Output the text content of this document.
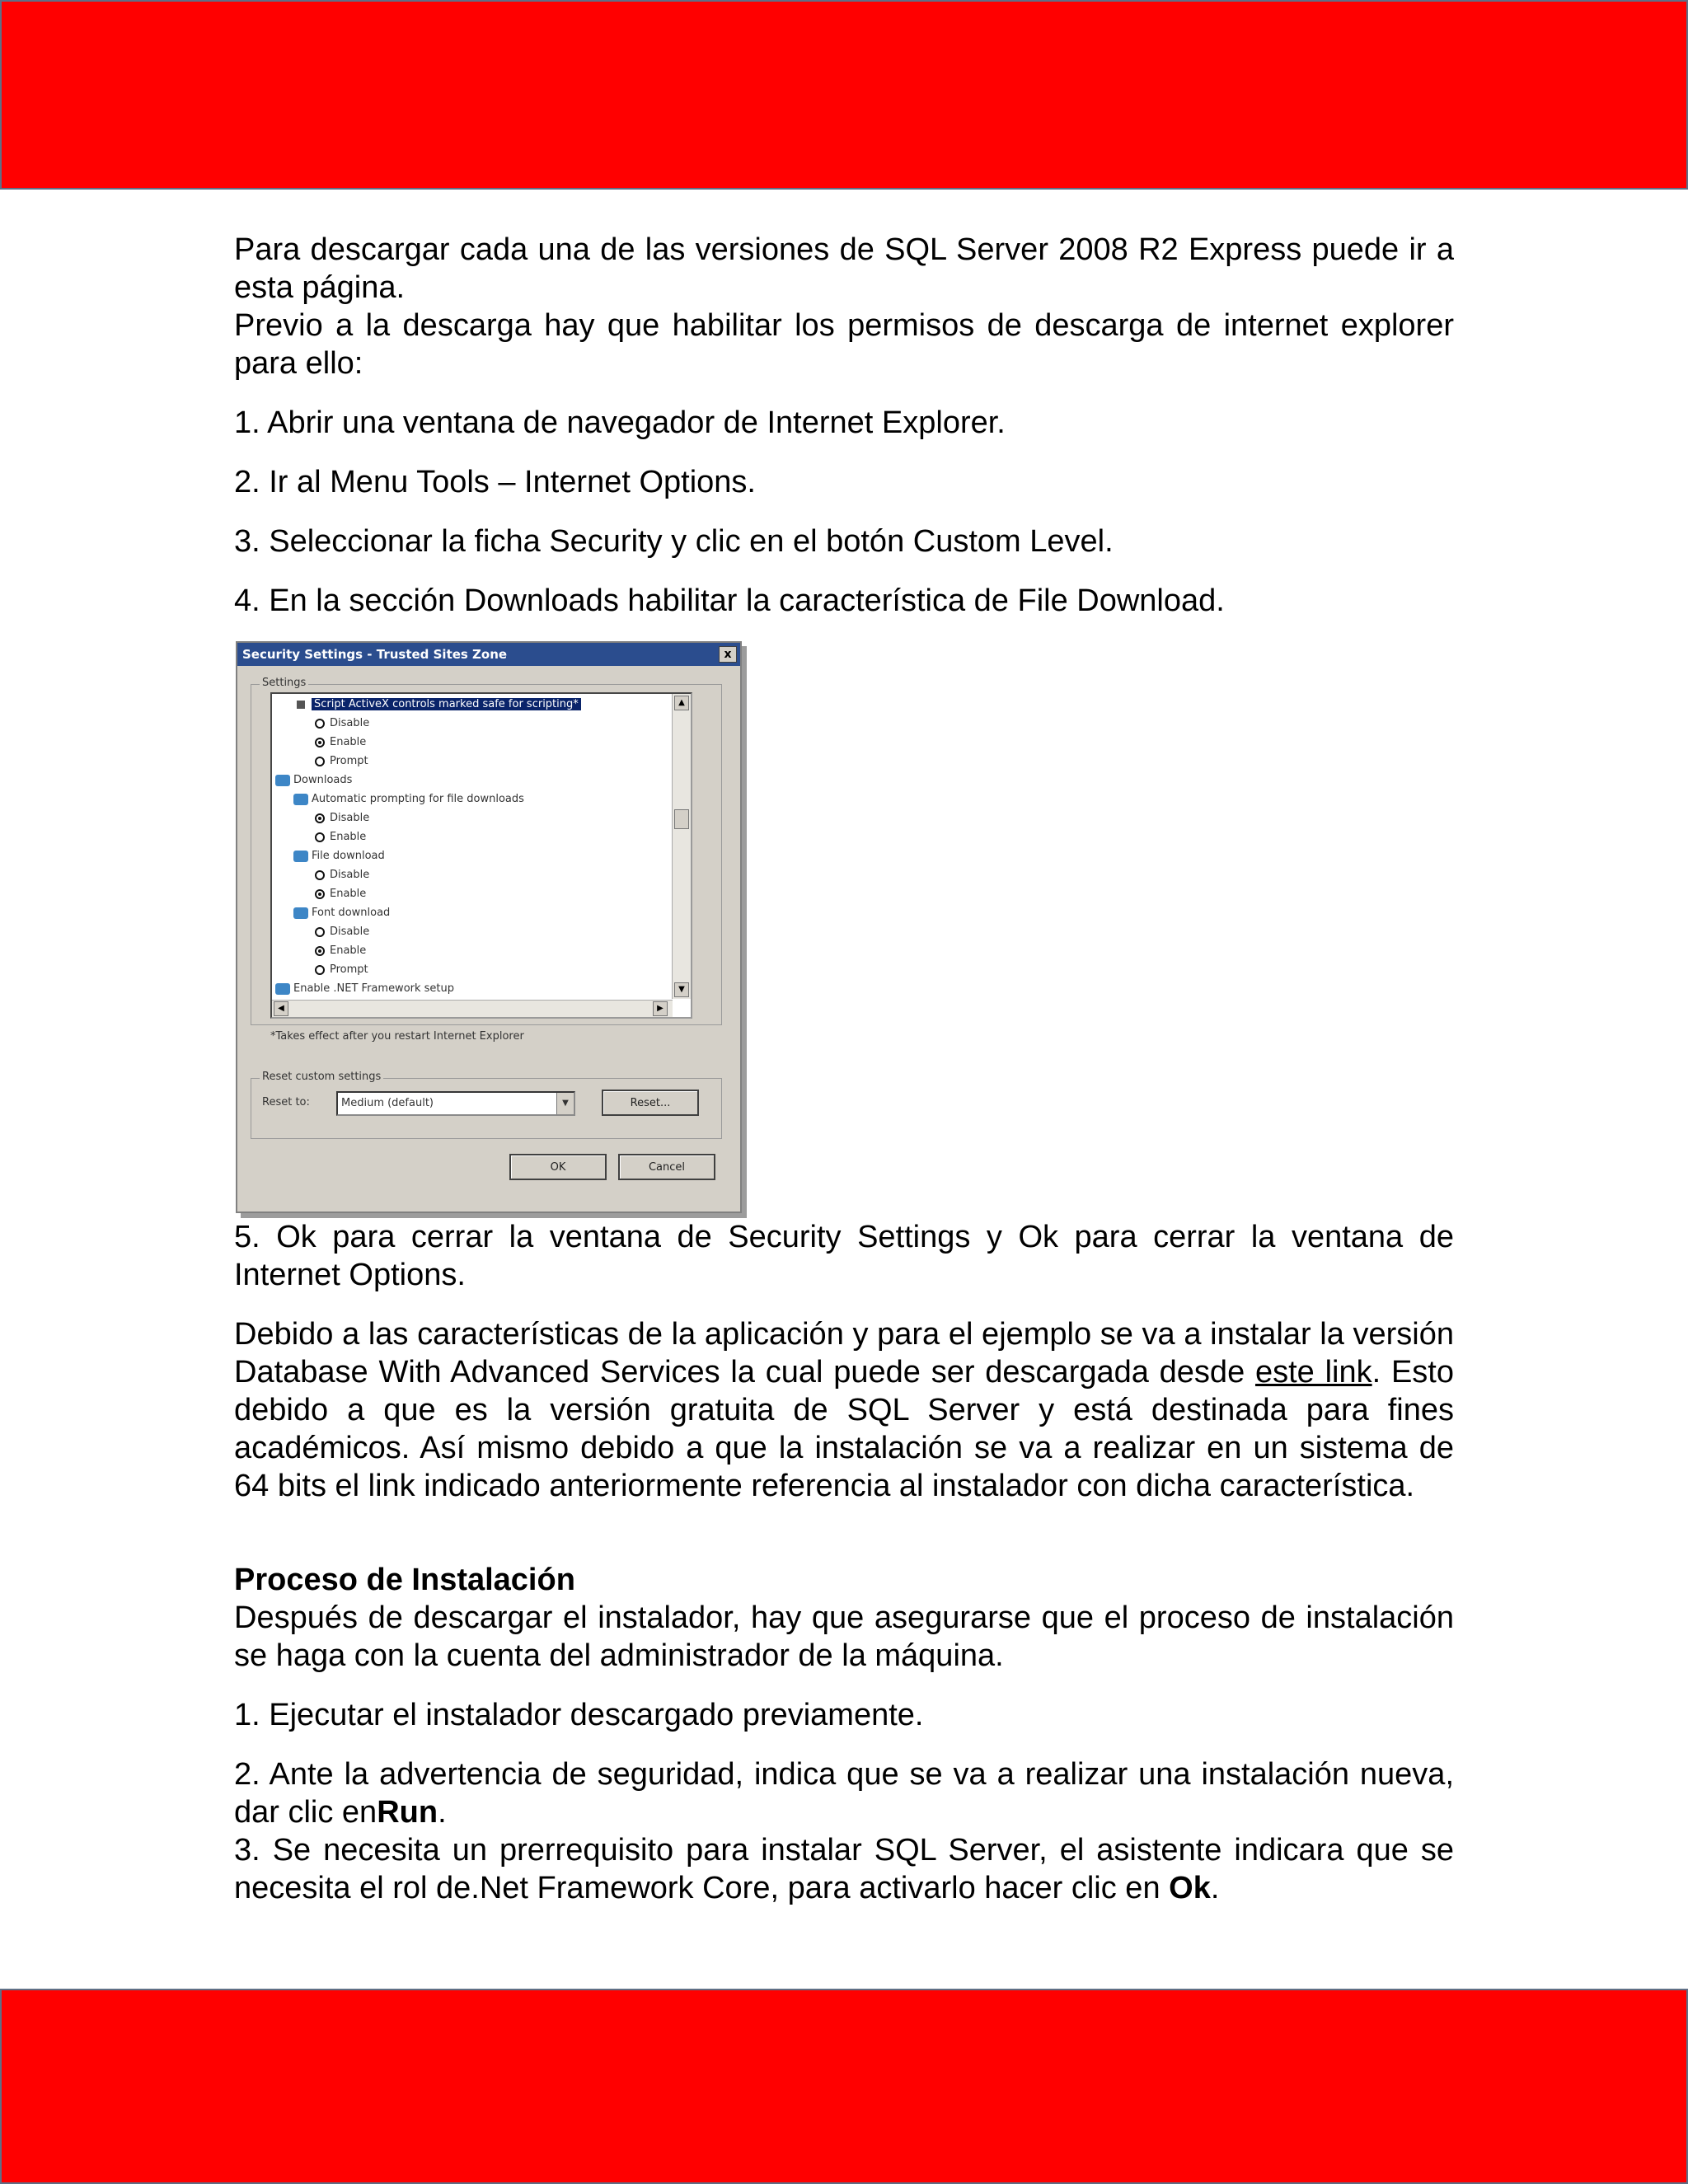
Para descargar cada una de las versiones de SQL Server 2008 R2 Express puede ir a esta página.

Previo a la descarga hay que habilitar los permisos de descarga de internet explorer para ello:

1. Abrir una ventana de navegador de Internet Explorer.

2. Ir al Menu Tools – Internet Options.

3. Seleccionar la ficha Security y clic en el botón Custom Level.

4. En la sección Downloads habilitar la característica de File Download.

Security Settings - Trusted Sites Zone	x
Settings
▲
▼
◀	▶
Script ActiveX controls marked safe for scripting*
Disable
Enable
Prompt
Downloads
Automatic prompting for file downloads
Disable
Enable
File download
Disable
Enable
Font download
Disable
Enable
Prompt
Enable .NET Framework setup
*Takes effect after you restart Internet Explorer
Reset custom settings
Reset to:	Medium (default)	▼	Reset...
OK	Cancel

5. Ok para cerrar la ventana de Security Settings y Ok para cerrar la ventana de Internet Options.

Debido a las características de la aplicación y para el ejemplo se va a instalar la versión Database With Advanced Services la cual puede ser descargada desde este link. Esto debido a que es la versión gratuita de SQL Server y está destinada para fines académicos. Así mismo debido a que la instalación se va a realizar en un sistema de 64 bits el link indicado anteriormente referencia al instalador con dicha característica.

Proceso de Instalación

Después de descargar el instalador, hay que asegurarse que el proceso de instalación se haga con la cuenta del administrador de la máquina.

1. Ejecutar el instalador descargado previamente.

2. Ante la advertencia de seguridad, indica que se va a realizar una instalación nueva, dar clic enRun.

3. Se necesita un prerrequisito para instalar SQL Server, el asistente indicara que se necesita el rol de.Net Framework Core, para activarlo hacer clic en Ok.
